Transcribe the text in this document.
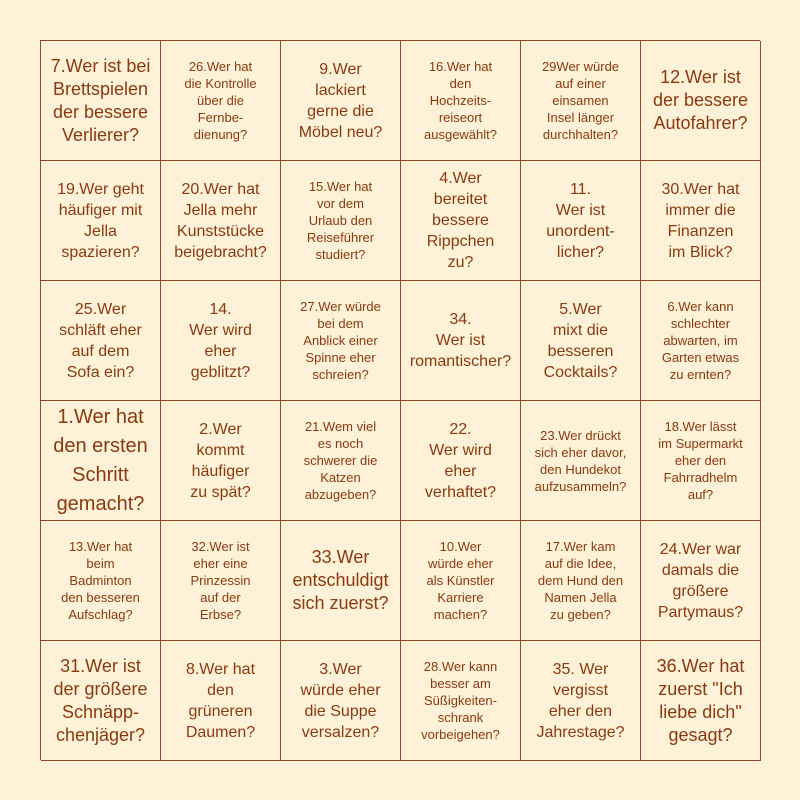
7.Wer ist bei
Brettspielen
der bessere
Verlierer?
26.Wer hat
die Kontrolle
über die
Fernbe-
dienung?
9.Wer
lackiert
gerne die
Möbel neu?
16.Wer hat
den
Hochzeits-
reiseort
ausgewählt?
29Wer würde
auf einer
einsamen
Insel länger
durchhalten?
12.Wer ist
der bessere
Autofahrer?
19.Wer geht
häufiger mit
Jella
spazieren?
20.Wer hat
Jella mehr
Kunststücke
beigebracht?
15.Wer hat
vor dem
Urlaub den
Reiseführer
studiert?
4.Wer
bereitet
bessere
Rippchen
zu?
11.
Wer ist
unordent-
licher?
30.Wer hat
immer die
Finanzen
im Blick?
25.Wer
schläft eher
auf dem
Sofa ein?
14.
Wer wird
eher
geblitzt?
27.Wer würde
bei dem
Anblick einer
Spinne eher
schreien?
34.
Wer ist
romantischer?
5.Wer
mixt die
besseren
Cocktails?
6.Wer kann
schlechter
abwarten, im
Garten etwas
zu ernten?
1.Wer hat
den ersten
Schritt
gemacht?
2.Wer
kommt
häufiger
zu spät?
21.Wem viel
es noch
schwerer die
Katzen
abzugeben?
22.
Wer wird
eher
verhaftet?
23.Wer drückt
sich eher davor,
den Hundekot
aufzusammeln?
18.Wer lässt
im Supermarkt
eher den
Fahrradhelm
auf?
13.Wer hat
beim
Badminton
den besseren
Aufschlag?
32.Wer ist
eher eine
Prinzessin
auf der
Erbse?
33.Wer
entschuldigt
sich zuerst?
10.Wer
würde eher
als Künstler
Karriere
machen?
17.Wer kam
auf die Idee,
dem Hund den
Namen Jella
zu geben?
24.Wer war
damals die
größere
Partymaus?
31.Wer ist
der größere
Schnäpp-
chenjäger?
8.Wer hat
den
grüneren
Daumen?
3.Wer
würde eher
die Suppe
versalzen?
28.Wer kann
besser am
Süßigkeiten-
schrank
vorbeigehen?
35. Wer
vergisst
eher den
Jahrestage?
36.Wer hat
zuerst "Ich
liebe dich"
gesagt?
